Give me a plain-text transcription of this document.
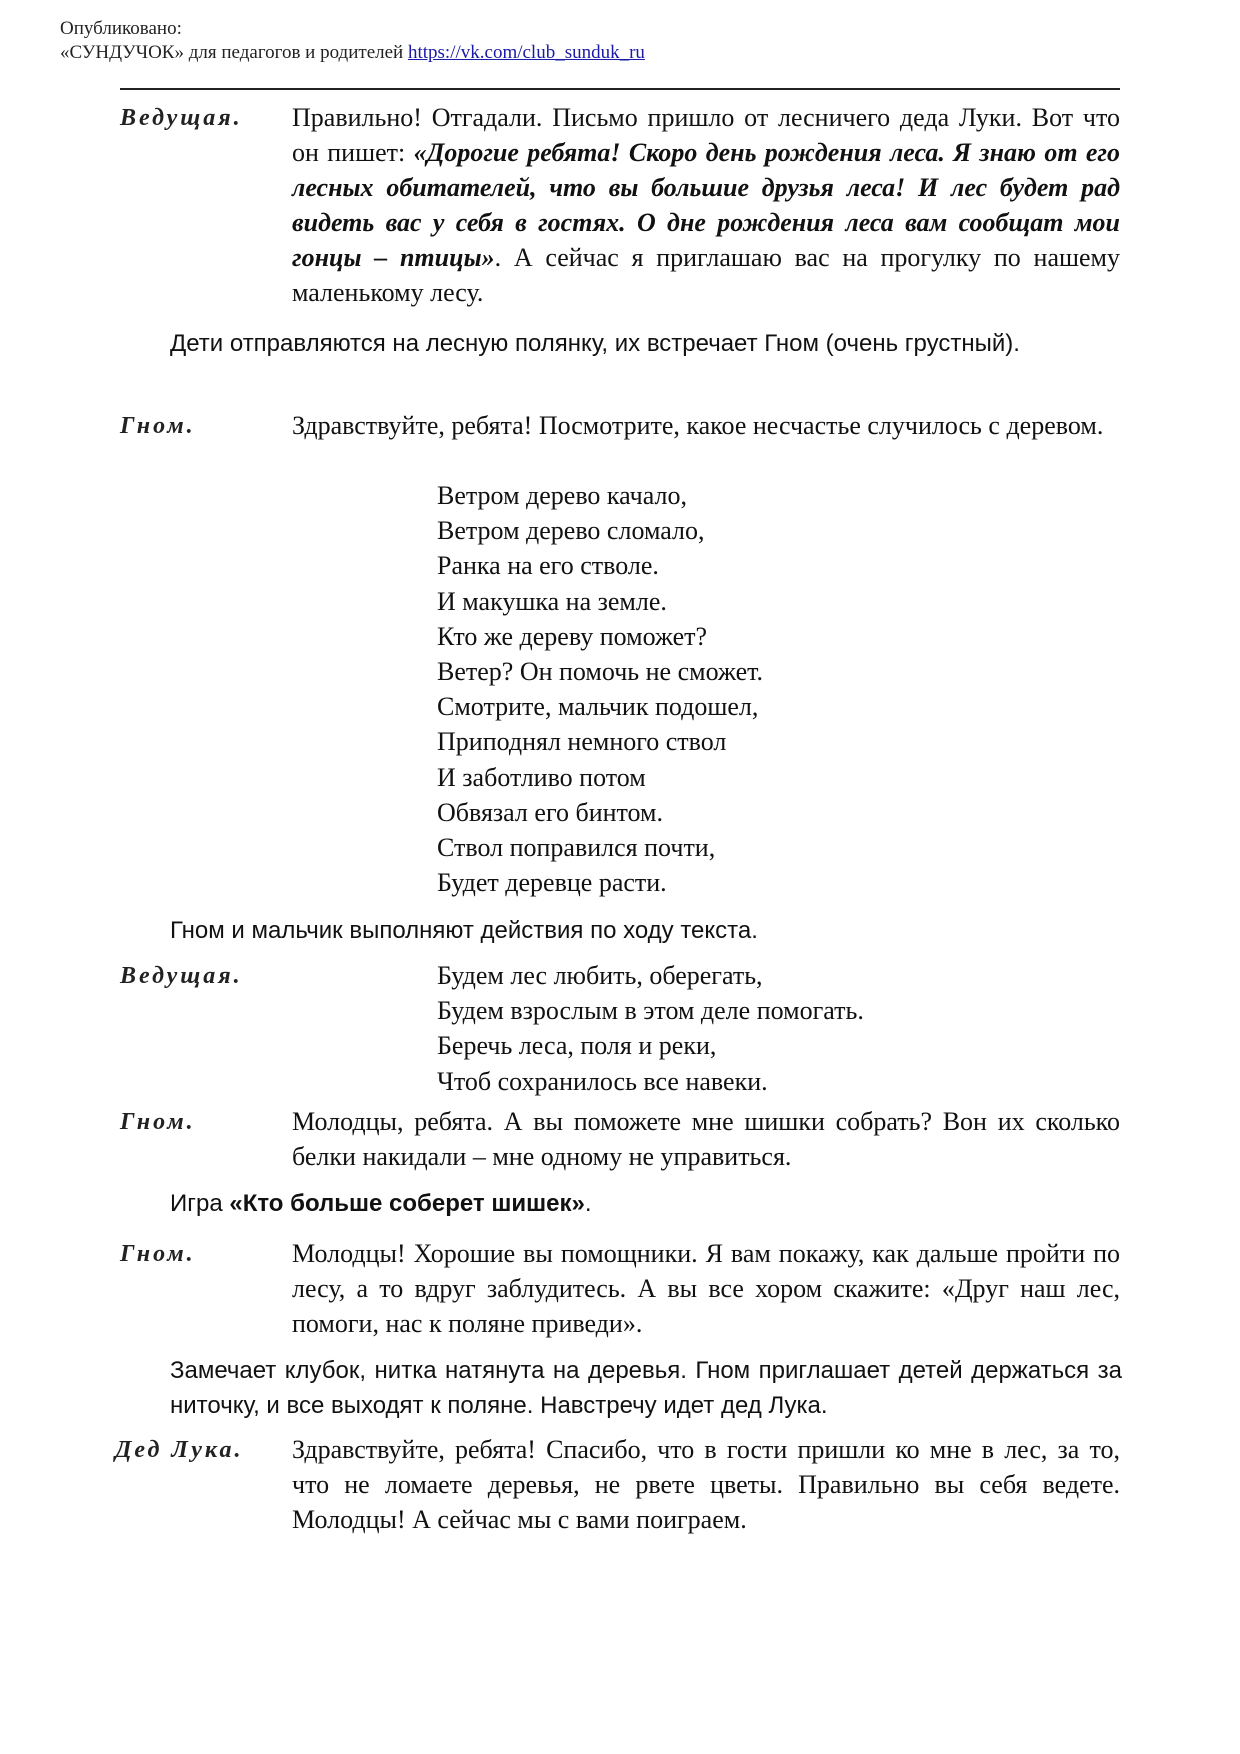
Опубликовано:
«СУНДУЧОК» для педагогов и родителей https://vk.com/club_sunduk_ru
Ведущая. Правильно! Отгадали. Письмо пришло от лесничего деда Луки. Вот что он пишет: «Дорогие ребята! Скоро день рождения леса. Я знаю от его лесных обитателей, что вы большие друзья леса! И лес будет рад видеть вас у себя в гостях. О дне рождения леса вам сообщат мои гонцы – птицы». А сейчас я приглашаю вас на прогулку по нашему маленькому лесу.
Дети отправляются на лесную полянку, их встречает Гном (очень грустный).
Гном.	Здравствуйте, ребята! Посмотрите, какое несчастье случилось с деревом.
Ветром дерево качало,
Ветром дерево сломало,
Ранка на его стволе.
И макушка на земле.
Кто же дереву поможет?
Ветер? Он помочь не сможет.
Смотрите, мальчик подошел,
Приподнял немного ствол
И заботливо потом
Обвязал его бинтом.
Ствол поправился почти,
Будет деревце расти.
Гном и мальчик выполняют действия по ходу текста.
Ведущая.	Будем лес любить, оберегать,
Будем взрослым в этом деле помогать.
Беречь леса, поля и реки,
Чтоб сохранилось все навеки.
Гном.	Молодцы, ребята. А вы поможете мне шишки собрать? Вон их сколько белки накидали – мне одному не управиться.
Игра «Кто больше соберет шишек».
Гном.	Молодцы! Хорошие вы помощники. Я вам покажу, как дальше пройти по лесу, а то вдруг заблудитесь. А вы все хором скажите: «Друг наш лес, помоги, нас к поляне приведи».
Замечает клубок, нитка натянута на деревья. Гном приглашает детей держаться за ниточку, и все выходят к поляне. Навстречу идет дед Лука.
Дед Лука. Здравствуйте, ребята! Спасибо, что в гости пришли ко мне в лес, за то, что не ломаете деревья, не рвете цветы. Правильно вы себя ведете. Молодцы! А сейчас мы с вами поиграем.
